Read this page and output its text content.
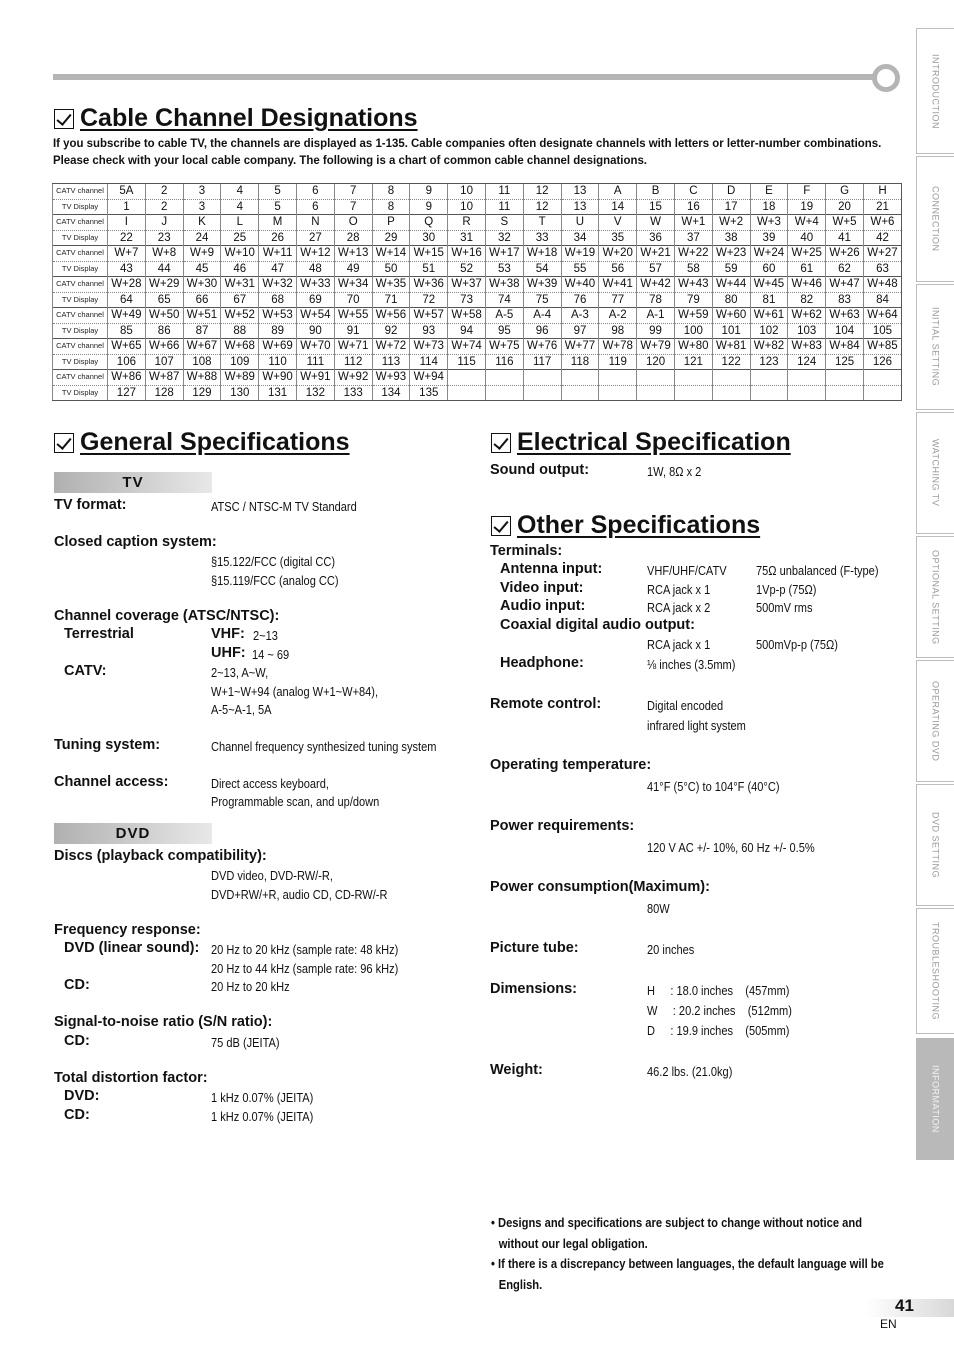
INTRODUCTION
CONNECTION
INITIAL SETTING
WATCHING TV
OPTIONAL SETTING
OPERATING DVD
DVD SETTING
TROUBLESHOOTING
INFORMATION
Cable Channel Designations
If you subscribe to cable TV, the channels are displayed as 1-135. Cable companies often designate channels with letters or letter-number combinations.
Please check with your local cable company. The following is a chart of common cable channel designations.
CATV channel	5A	2	3	4	5	6	7	8	9	10	11	12	13	A	B	C	D	E	F	G	H
TV Display	1	2	3	4	5	6	7	8	9	10	11	12	13	14	15	16	17	18	19	20	21
CATV channel	I	J	K	L	M	N	O	P	Q	R	S	T	U	V	W	W+1	W+2	W+3	W+4	W+5	W+6
TV Display	22	23	24	25	26	27	28	29	30	31	32	33	34	35	36	37	38	39	40	41	42
CATV channel	W+7	W+8	W+9	W+10	W+11	W+12	W+13	W+14	W+15	W+16	W+17	W+18	W+19	W+20	W+21	W+22	W+23	W+24	W+25	W+26	W+27
TV Display	43	44	45	46	47	48	49	50	51	52	53	54	55	56	57	58	59	60	61	62	63
CATV channel	W+28	W+29	W+30	W+31	W+32	W+33	W+34	W+35	W+36	W+37	W+38	W+39	W+40	W+41	W+42	W+43	W+44	W+45	W+46	W+47	W+48
TV Display	64	65	66	67	68	69	70	71	72	73	74	75	76	77	78	79	80	81	82	83	84
CATV channel	W+49	W+50	W+51	W+52	W+53	W+54	W+55	W+56	W+57	W+58	A-5	A-4	A-3	A-2	A-1	W+59	W+60	W+61	W+62	W+63	W+64
TV Display	85	86	87	88	89	90	91	92	93	94	95	96	97	98	99	100	101	102	103	104	105
CATV channel	W+65	W+66	W+67	W+68	W+69	W+70	W+71	W+72	W+73	W+74	W+75	W+76	W+77	W+78	W+79	W+80	W+81	W+82	W+83	W+84	W+85
TV Display	106	107	108	109	110	111	112	113	114	115	116	117	118	119	120	121	122	123	124	125	126
CATV channel	W+86	W+87	W+88	W+89	W+90	W+91	W+92	W+93	W+94												
TV Display	127	128	129	130	131	132	133	134	135												
General Specifications
TV
TV format:	ATSC / NTSC-M TV Standard
Closed caption system:
§15.122/FCC (digital CC)
§15.119/FCC (analog CC)
Channel coverage (ATSC/NTSC):
Terrestrial	VHF: 2~13
UHF: 14 ~ 69
CATV:	2~13, A~W,
W+1~W+94 (analog W+1~W+84),
A-5~A-1, 5A
Tuning system:	Channel frequency synthesized tuning system
Channel access:	Direct access keyboard,
Programmable scan, and up/down
DVD
Discs (playback compatibility):
DVD video, DVD-RW/-R,
DVD+RW/+R, audio CD, CD-RW/-R
Frequency response:
DVD (linear sound): 20 Hz to 20 kHz (sample rate: 48 kHz)
20 Hz to 44 kHz (sample rate: 96 kHz)
CD:	20 Hz to 20 kHz
Signal-to-noise ratio (S/N ratio):
CD:	75 dB (JEITA)
Total distortion factor:
DVD:	1 kHz 0.07% (JEITA)
CD:	1 kHz 0.07% (JEITA)
Electrical Specification
Sound output:	1W, 8Ω x 2
Other Specifications
Terminals:
Antenna input:	VHF/UHF/CATV 75Ω unbalanced (F-type)
Video input:	RCA jack x 1	1Vp-p (75Ω)
Audio input:	RCA jack x 2	500mV rms
Coaxial digital audio output:
RCA jack x 1	500mVp-p (75Ω)
Headphone:	⅛ inches (3.5mm)
Remote control:	Digital encoded
infrared light system
Operating temperature:
41°F (5°C) to 104°F (40°C)
Power requirements:
120 V AC +/- 10%, 60 Hz +/- 0.5%
Power consumption(Maximum):
80W
Picture tube:	20 inches
Dimensions:	H     : 18.0 inches    (457mm)
W     : 20.2 inches    (512mm)
D     : 19.9 inches    (505mm)
Weight:	46.2 lbs. (21.0kg)

• Designs and specifications are subject to change without notice and without our legal obligation.

• If there is a discrepancy between languages, the default language will be English.

41
EN
